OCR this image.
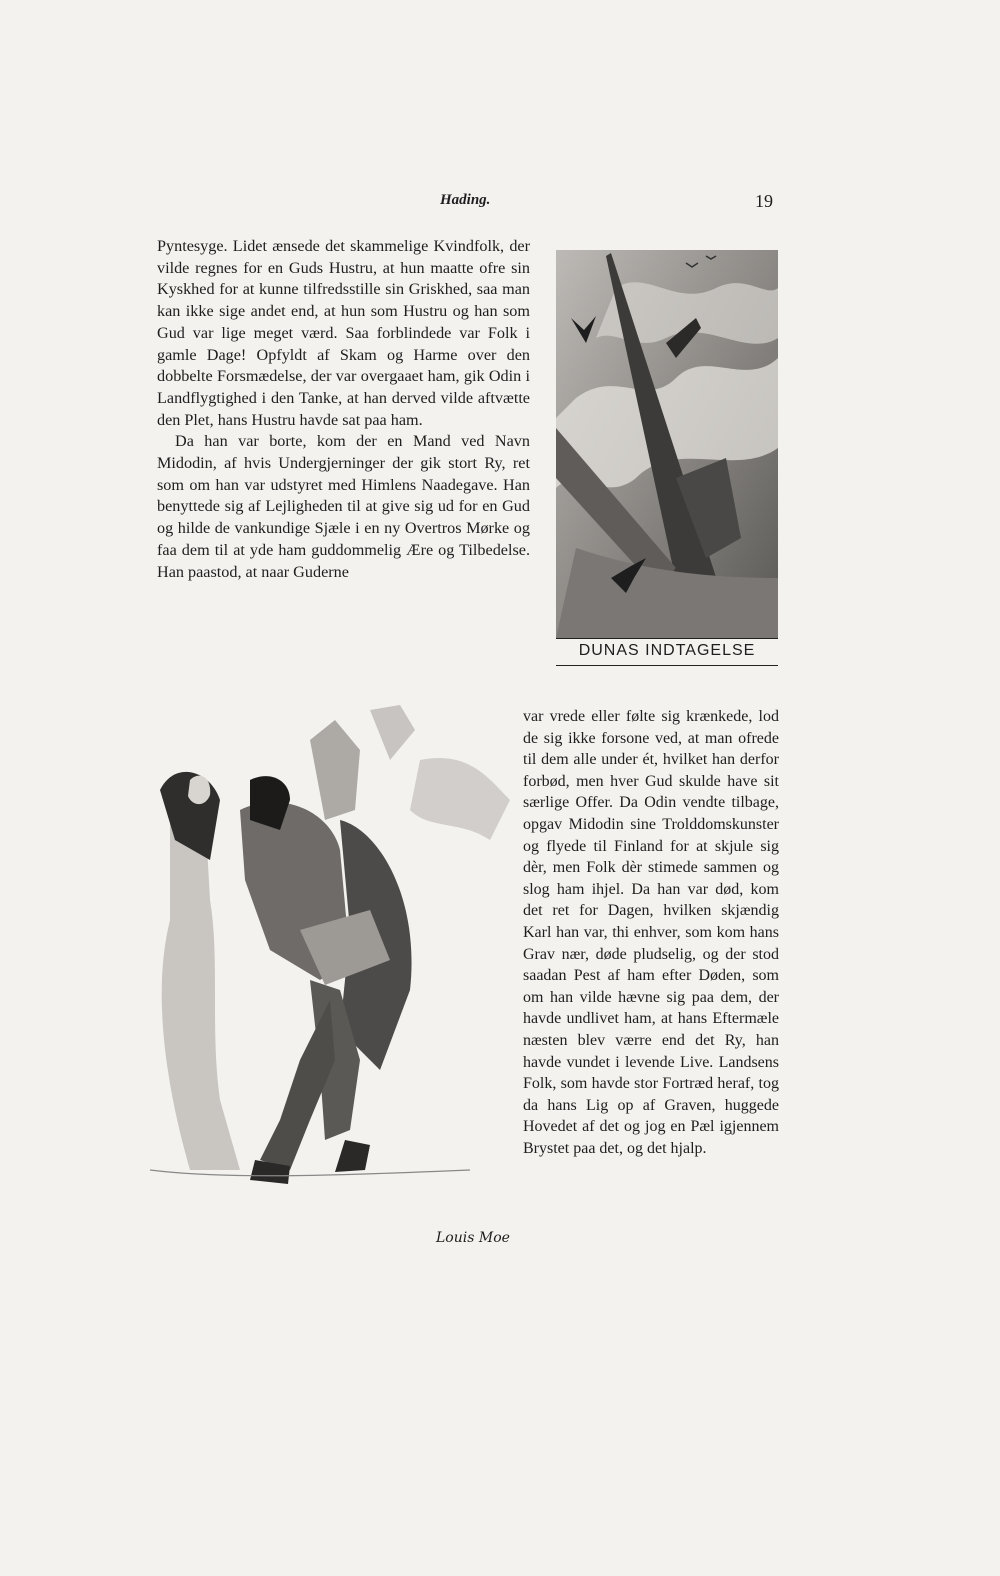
Hading.	19

Pyntesyge. Lidet ænsede det skammelige Kvindfolk, der vilde regnes for en Guds Hustru, at hun maatte ofre sin Kyskhed for at kunne tilfredsstille sin Griskhed, saa man kan ikke sige andet end, at hun som Hustru og han som Gud var lige meget værd. Saa forblindede var Folk i gamle Dage! Opfyldt af Skam og Harme over den dobbelte Forsmædelse, der var overgaaet ham, gik Odin i Landflygtighed i den Tanke, at han derved vilde aftvætte den Plet, hans Hustru havde sat paa ham.

Da han var borte, kom der en Mand ved Navn Midodin, af hvis Undergjerninger der gik stort Ry, ret som om han var udstyret med Himlens Naadegave. Han benyttede sig af Lejligheden til at give sig ud for en Gud og hilde de vankundige Sjæle i en ny Overtros Mørke og faa dem til at yde ham guddommelig Ære og Tilbedelse. Han paastod, at naar Guderne

DUNAS INDTAGELSE
Louis Moe

var vrede eller følte sig krænkede, lod de sig ikke forsone ved, at man ofrede til dem alle under ét, hvilket han derfor forbød, men hver Gud skulde have sit særlige Offer. Da Odin vendte tilbage, opgav Midodin sine Trolddomskunster og flyede til Finland for at skjule sig dèr, men Folk dèr stimede sammen og slog ham ihjel. Da han var død, kom det ret for Dagen, hvilken skjændig Karl han var, thi enhver, som kom hans Grav nær, døde pludselig, og der stod saadan Pest af ham efter Døden, som om han vilde hævne sig paa dem, der havde undlivet ham, at hans Eftermæle næsten blev værre end det Ry, han havde vundet i levende Live. Landsens Folk, som havde stor Fortræd heraf, tog da hans Lig op af Graven, huggede Hovedet af det og jog en Pæl igjennem Brystet paa det, og det hjalp.
